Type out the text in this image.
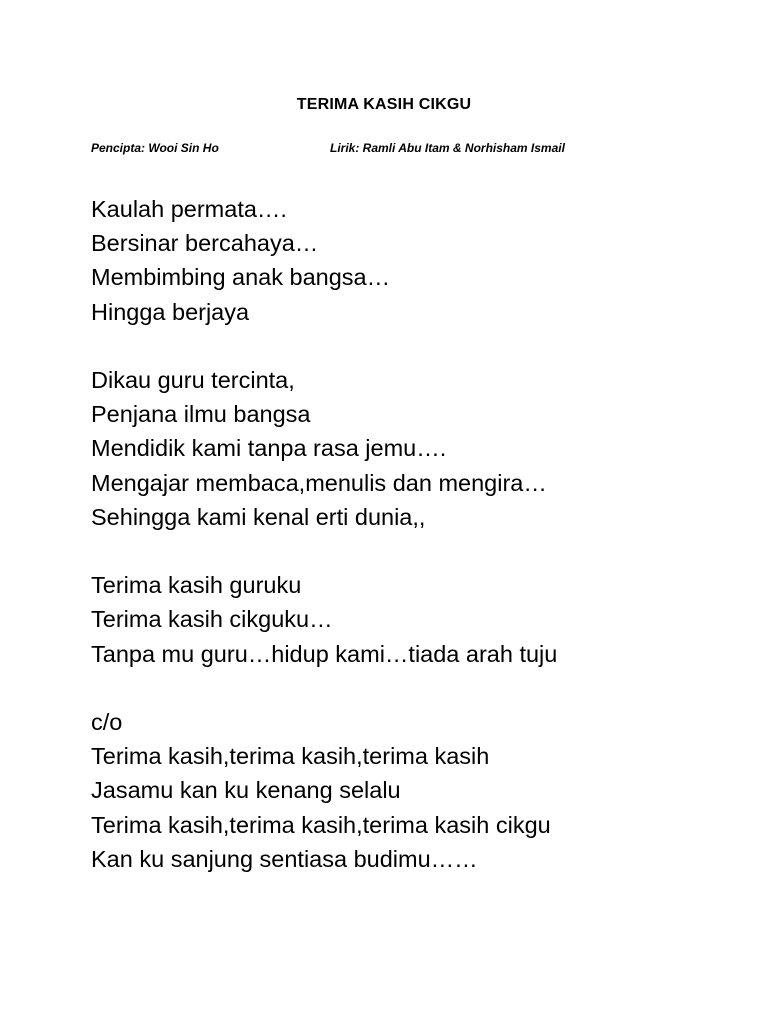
TERIMA KASIH CIKGU
Pencipta: Wooi Sin Ho	Lirik: Ramli Abu Itam & Norhisham Ismail
Kaulah permata….
Bersinar bercahaya…
Membimbing anak bangsa…
Hingga berjaya
Dikau guru tercinta,
Penjana ilmu bangsa
Mendidik kami tanpa rasa jemu….
Mengajar membaca,menulis dan mengira…
Sehingga kami kenal erti dunia,,
Terima kasih guruku
Terima kasih cikguku…
Tanpa mu guru…hidup kami…tiada arah tuju
c/o
Terima kasih,terima kasih,terima kasih
Jasamu kan ku kenang selalu
Terima kasih,terima kasih,terima kasih cikgu
Kan ku sanjung sentiasa budimu……
